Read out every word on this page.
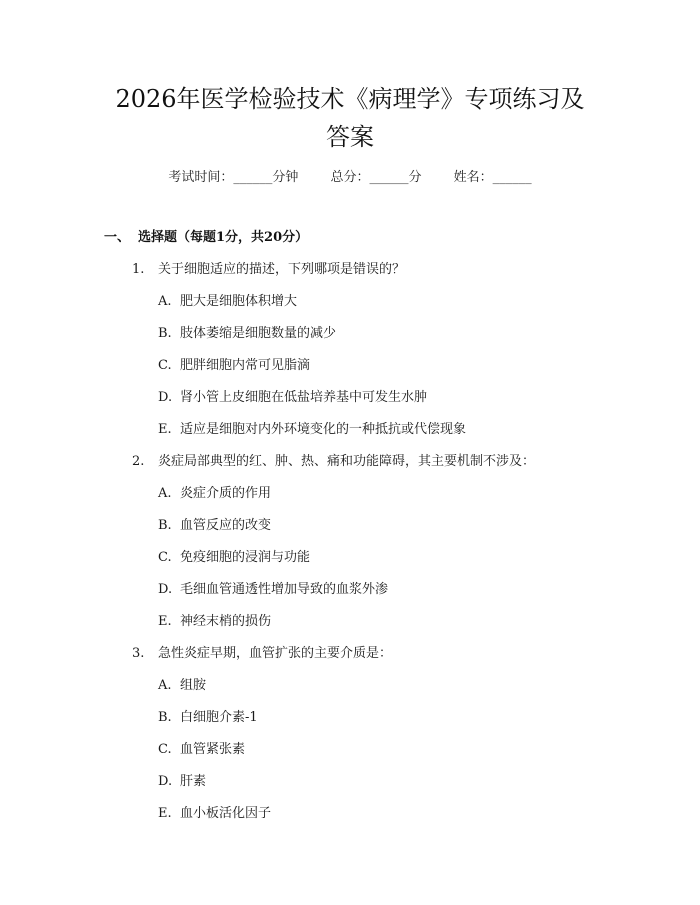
2026年医学检验技术《病理学》专项练习及
答案
考试时间：______分钟 总分：______分 姓名：______
一、 选择题（每题1分，共20分）
1. 关于细胞适应的描述，下列哪项是错误的？
A. 肥大是细胞体积增大
B. 肢体萎缩是细胞数量的减少
C. 肥胖细胞内常可见脂滴
D. 肾小管上皮细胞在低盐培养基中可发生水肿
E. 适应是细胞对内外环境变化的一种抵抗或代偿现象
2. 炎症局部典型的红、肿、热、痛和功能障碍，其主要机制不涉及：
A. 炎症介质的作用
B. 血管反应的改变
C. 免疫细胞的浸润与功能
D. 毛细血管通透性增加导致的血浆外渗
E. 神经末梢的损伤
3. 急性炎症早期，血管扩张的主要介质是：
A. 组胺
B. 白细胞介素-1
C. 血管紧张素
D. 肝素
E. 血小板活化因子
